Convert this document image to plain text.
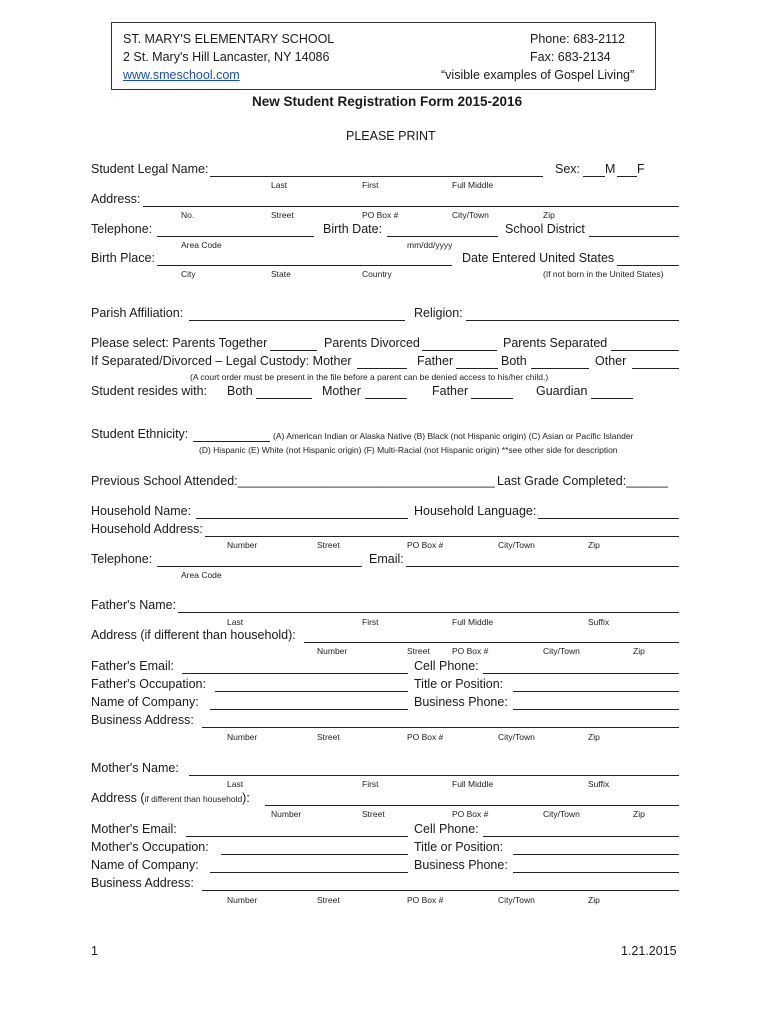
ST. MARY'S ELEMENTARY SCHOOL
2 St. Mary's Hill Lancaster, NY 14086
www.smeschool.com
Phone: 683-2112
Fax: 683-2134
“visible examples of Gospel Living”
New Student Registration Form 2015-2016
PLEASE PRINT
Student Legal Name:	Sex: M F
Last	First	Full Middle
Address:
No.	Street	PO Box #	City/Town	Zip
Telephone:	Birth Date:	School District
Area Code	mm/dd/yyyy
Birth Place:	Date Entered United States
City	State	Country	(If not born in the United States)
Parish Affiliation:	Religion:
Please select: Parents Together	Parents Divorced	Parents Separated
If Separated/Divorced – Legal Custody: Mother	Father	Both	Other
(A court order must be present in the file before a parent can be denied access to his/her child.)
Student resides with: Both	Mother	Father	Guardian
Student Ethnicity:	(A) American Indian or Alaska Native (B) Black (not Hispanic origin) (C) Asian or Pacific Islander
(D) Hispanic (E) White (not Hispanic origin) (F) Multi-Racial (not Hispanic origin) **see other side for description
Previous School Attended:_____________________________________ Last Grade Completed:______
Household Name:	Household Language:
Household Address:
Number	Street	PO Box #	City/Town	Zip
Telephone:	Email:
Area Code
Father's Name:
Last	First	Full Middle	Suffix
Address (if different than household):
Number	Street	PO Box #	City/Town	Zip
Father's Email:	Cell Phone:
Father's Occupation:	Title or Position:
Name of Company:	Business Phone:
Business Address:
Number	Street	PO Box #	City/Town	Zip
Mother's Name:
Last	First	Full Middle	Suffix
Address (if different than household):
Number	Street	PO Box #	City/Town	Zip
Mother's Email:	Cell Phone:
Mother's Occupation:	Title or Position:
Name of Company:	Business Phone:
Business Address:
Number	Street	PO Box #	City/Town	Zip
1	1.21.2015
